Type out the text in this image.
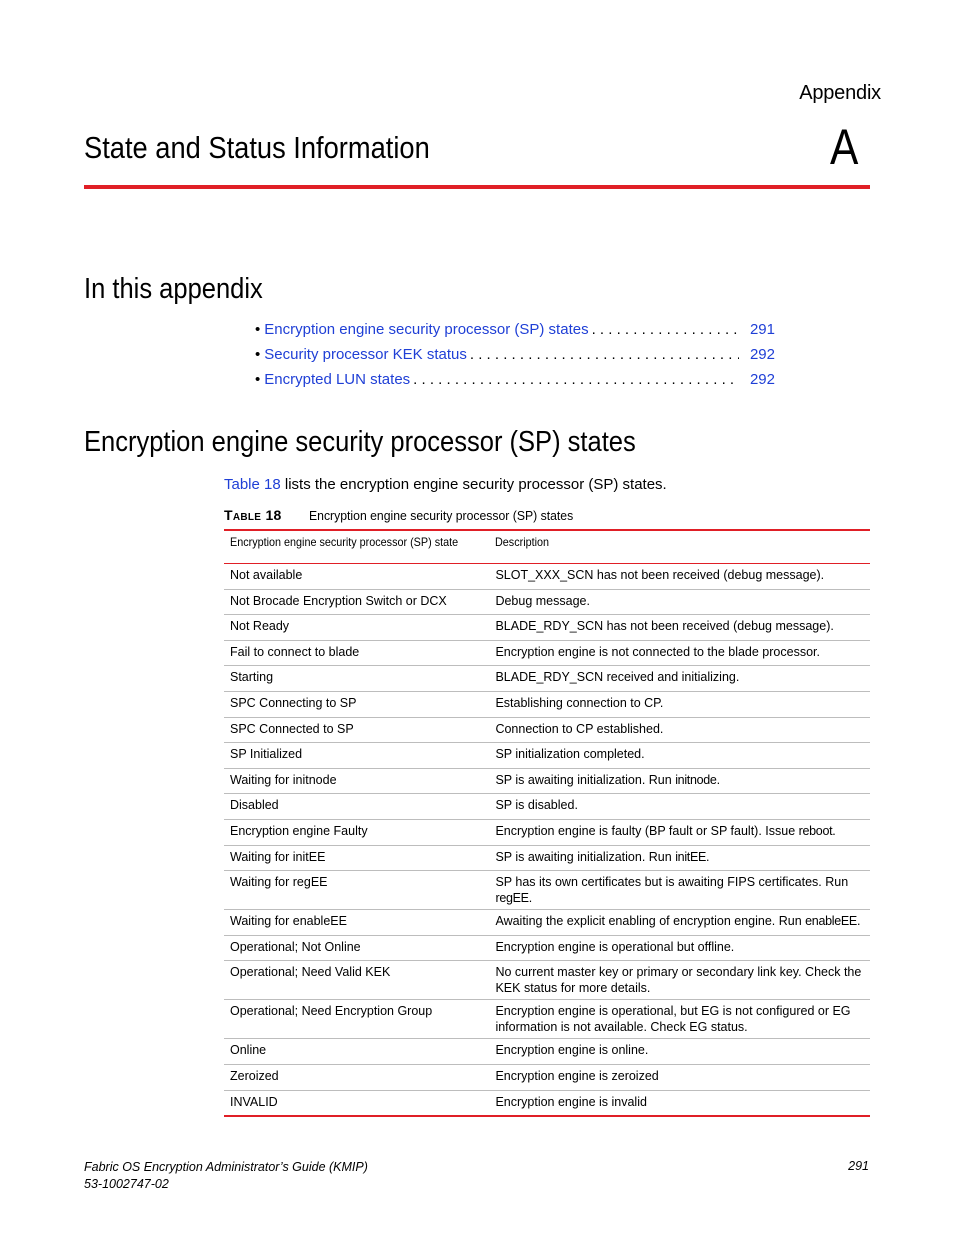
Appendix
State and Status Information	A
In this appendix
• Encryption engine security processor (SP) states . . .	291
• Security processor KEK status . . .	292
• Encrypted LUN states . . .	292
Encryption engine security processor (SP) states
Table 18 lists the encryption engine security processor (SP) states.
Table 18 Encryption engine security processor (SP) states
Encryption engine security processor (SP) state	Description
Not available	SLOT_XXX_SCN has not been received (debug message).
Not Brocade Encryption Switch or DCX	Debug message.
Not Ready	BLADE_RDY_SCN has not been received (debug message).
Fail to connect to blade	Encryption engine is not connected to the blade processor.
Starting	BLADE_RDY_SCN received and initializing.
SPC Connecting to SP	Establishing connection to CP.
SPC Connected to SP	Connection to CP established.
SP Initialized	SP initialization completed.
Waiting for initnode	SP is awaiting initialization. Run initnode.
Disabled	SP is disabled.
Encryption engine Faulty	Encryption engine is faulty (BP fault or SP fault). Issue reboot.
Waiting for initEE	SP is awaiting initialization. Run initEE.
Waiting for regEE	SP has its own certificates but is awaiting FIPS certificates. Run regEE.
Waiting for enableEE	Awaiting the explicit enabling of encryption engine. Run enableEE.
Operational; Not Online	Encryption engine is operational but offline.
Operational; Need Valid KEK	No current master key or primary or secondary link key. Check the KEK status for more details.
Operational; Need Encryption Group	Encryption engine is operational, but EG is not configured or EG information is not available. Check EG status.
Online	Encryption engine is online.
Zeroized	Encryption engine is zeroized
INVALID	Encryption engine is invalid
Fabric OS Encryption Administrator’s Guide (KMIP)
53-1002747-02
291
